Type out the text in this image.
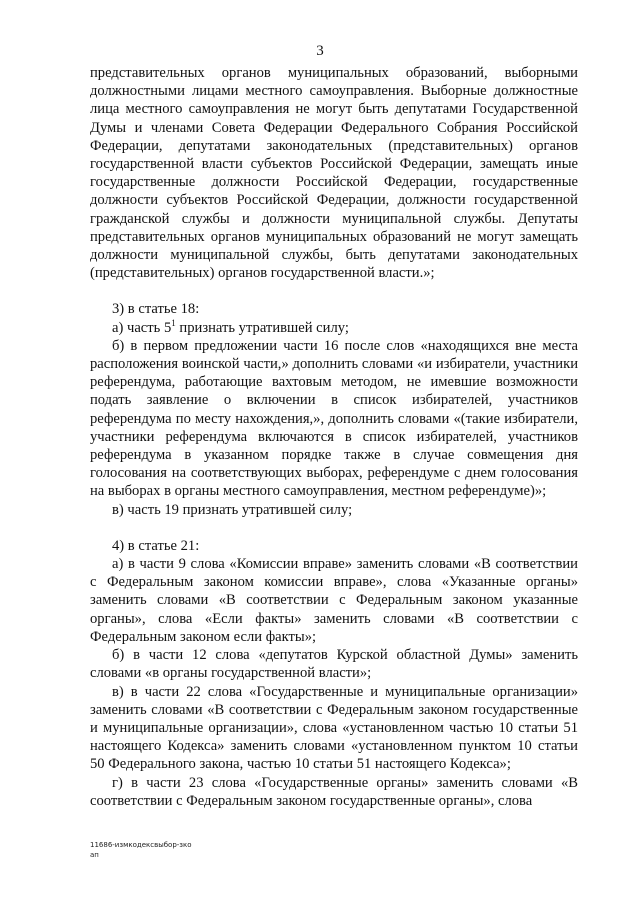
3

представительных органов муниципальных образований, выборными должностными лицами местного самоуправления. Выборные должностные лица местного самоуправления не могут быть депутатами Государственной Думы и членами Совета Федерации Федерального Собрания Российской Федерации, депутатами законодательных (представительных) органов государственной власти субъектов Российской Федерации, замещать иные государственные должности Российской Федерации, государственные должности субъектов Российской Федерации, должности государственной гражданской службы и должности муниципальной службы. Депутаты представительных органов муниципальных образований не могут замещать должности муниципальной службы, быть депутатами законодательных (представительных) органов государственной власти.»;

3) в статье 18:

а) часть $5^1$ признать утратившей силу;

б) в первом предложении части 16 после слов «находящихся вне места расположения воинской части,» дополнить словами «и избиратели, участники референдума, работающие вахтовым методом, не имевшие возможности подать заявление о включении в список избирателей, участников референдума по месту нахождения,», дополнить словами «(такие избиратели, участники референдума включаются в список избирателей, участников референдума в указанном порядке также в случае совмещения дня голосования на соответствующих выборах, референдуме с днем голосования на выборах в органы местного самоуправления, местном референдуме)»;

в) часть 19 признать утратившей силу;

4) в статье 21:

а) в части 9 слова «Комиссии вправе» заменить словами «В соответствии с Федеральным законом комиссии вправе», слова «Указанные органы» заменить словами «В соответствии с Федеральным законом указанные органы», слова «Если факты» заменить словами «В соответствии с Федеральным законом если факты»;

б) в части 12 слова «депутатов Курской областной Думы» заменить словами «в органы государственной власти»;

в) в части 22 слова «Государственные и муниципальные организации» заменить словами «В соответствии с Федеральным законом государственные и муниципальные организации», слова «установленном частью 10 статьи 51 настоящего Кодекса» заменить словами «установленном пунктом 10 статьи 50 Федерального закона, частью 10 статьи 51 настоящего Кодекса»;

г) в части 23 слова «Государственные органы» заменить словами «В соответствии с Федеральным законом государственные органы», слова

11686-измкодексвыбор-зко
ап
